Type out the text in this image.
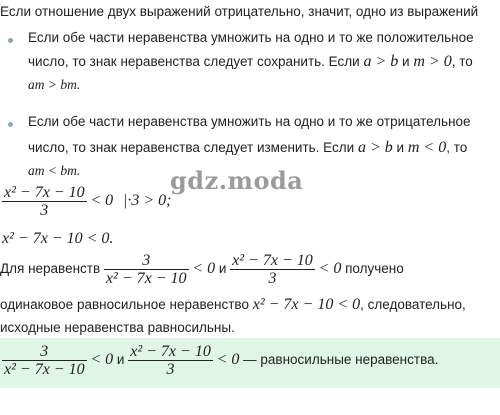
Если отношение двух выражений отрицательно, значит, одно из выражений
Если обе части неравенства умножить на одно и то же положительное
число, то знак неравенства следует сохранить. Если a > b и m > 0, то
am > bm.
Если обе части неравенства умножить на одно и то же отрицательное
число, то знак неравенства следует изменить. Если a > b и m < 0, то
am < bm.	gdz.moda
$\frac{\text{x² − 7x − 10}}{3} < 0$ |·3 > 0;
x² − 7x − 10 < 0.
Для неравенств $\frac{3}{\text{x² − 7x − 10}} < 0$ и $\frac{\text{x² − 7x − 10}}{3} < 0$ получено
одинаковое равносильное неравенство x² − 7x − 10 < 0, следовательно,
исходные неравенства равносильны.
$\frac{3}{\text{x² − 7x − 10}} < 0$ и $\frac{\text{x² − 7x − 10}}{3} < 0$ — равносильные неравенства.
